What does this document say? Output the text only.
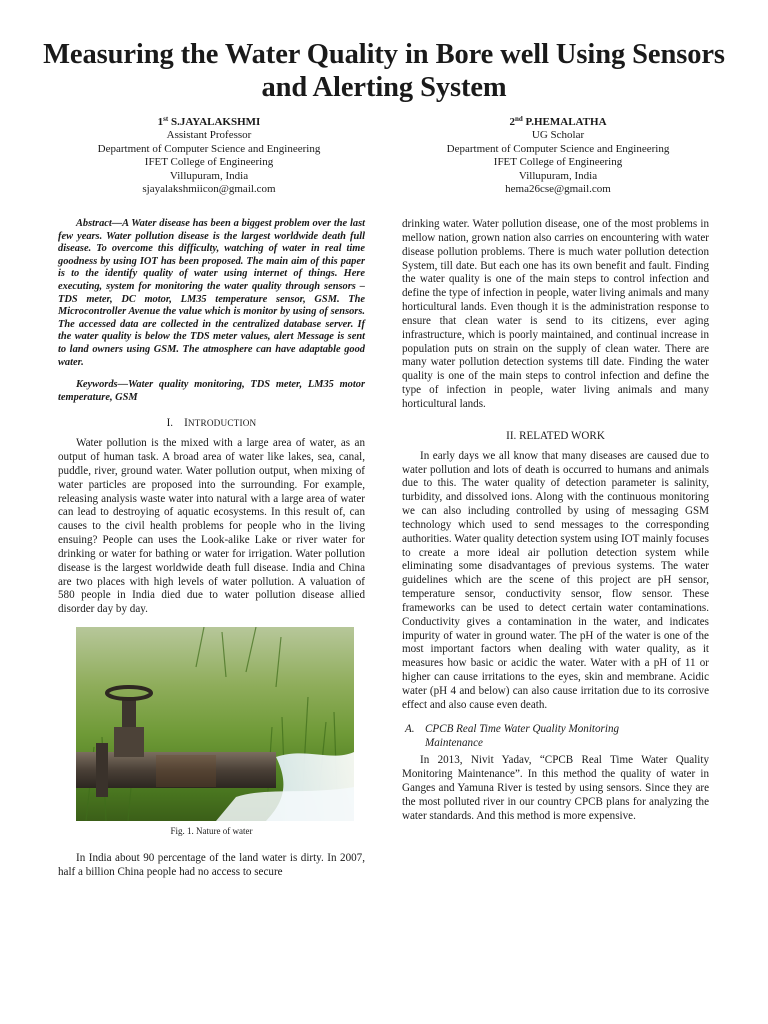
Measuring the Water Quality in Bore well Using Sensors and Alerting System
1st S.JAYALAKSHMI
Assistant Professor
Department of Computer Science and Engineering
IFET College of Engineering
Villupuram, India
sjayalakshmiicon@gmail.com
2nd P.HEMALATHA
UG Scholar
Department of Computer Science and Engineering
IFET College of Engineering
Villupuram, India
hema26cse@gmail.com

Abstract—A Water disease has been a biggest problem over the last few years. Water pollution disease is the largest worldwide death full disease. To overcome this difficulty, watching of water in real time goodness by using IOT has been proposed. The main aim of this paper is to the identify quality of water using internet of things. Here executing, system for monitoring the water quality through sensors – TDS meter, DC motor, LM35 temperature sensor, GSM. The Microcontroller Avenue the value which is monitor by using of sensors. The accessed data are collected in the centralized database server. If the water quality is below the TDS meter values, alert Message is sent to land owners using GSM. The atmosphere can have adaptable good water.

Keywords—Water quality monitoring, TDS meter, LM35 motor temperature, GSM

I. INTRODUCTION

Water pollution is the mixed with a large area of water, as an output of human task. A broad area of water like lakes, sea, canal, puddle, river, ground water. Water pollution output, when mixing of water particles are proposed into the surrounding. For example, releasing analysis waste water into natural with a large area of water can lead to destroying of aquatic ecosystems. In this result of, can causes to the civil health problems for people who in the living ensuing? People can uses the Look-alike Lake or river water for drinking or water for bathing or water for irrigation. Water pollution disease is the largest worldwide death full disease. India and China are two places with high levels of water pollution. A valuation of 580 people in India died due to water pollution disease allied disorder day by day.

Fig. 1. Nature of water

In India about 90 percentage of the land water is dirty. In 2007, half a billion China people had no access to secure

drinking water. Water pollution disease, one of the most problems in mellow nation, grown nation also carries on encountering with water disease pollution problems. There is much water pollution detection System, till date. But each one has its own benefit and fault. Finding the water quality is one of the main steps to control infection and define the type of infection in people, water living animals and many horticultural lands. Even though it is the administration response to ensure that clean water is send to its citizens, ever aging infrastructure, which is poorly maintained, and continual increase in population puts on strain on the supply of clean water. There are many water pollution detection systems till date. Finding the water quality is one of the main steps to control infection and define the type of infection in people, water living animals and many horticultural lands.

II. RELATED WORK

In early days we all know that many diseases are caused due to water pollution and lots of death is occurred to humans and animals due to this. The water quality of detection parameter is salinity, turbidity, and dissolved ions. Along with the continuous monitoring we can also including controlled by using of messaging GSM technology which used to send messages to the corresponding authorities. Water quality detection system using IOT mainly focuses to create a more ideal air pollution detection system while eliminating some disadvantages of previous systems. The water guidelines which are the scene of this project are pH sensor, temperature sensor, conductivity sensor, flow sensor. These frameworks can be used to detect certain water contaminations. Conductivity gives a contamination in the water, and indicates impurity of water in ground water. The pH of the water is one of the most important factors when dealing with water quality, as it measures how basic or acidic the water. Water with a pH of 11 or higher can cause irritations to the eyes, skin and membrane. Acidic water (pH 4 and below) can also cause irritation due to its corrosive effect and also cause even death.

A. CPCB Real Time Water Quality Monitoring
Maintenance

In 2013, Nivit Yadav, “CPCB Real Time Water Quality Monitoring Maintenance”. In this method the quality of water in Ganges and Yamuna River is tested by using sensors. Since they are the most polluted river in our country CPCB plans for analyzing the water standards. And this method is more expensive.
